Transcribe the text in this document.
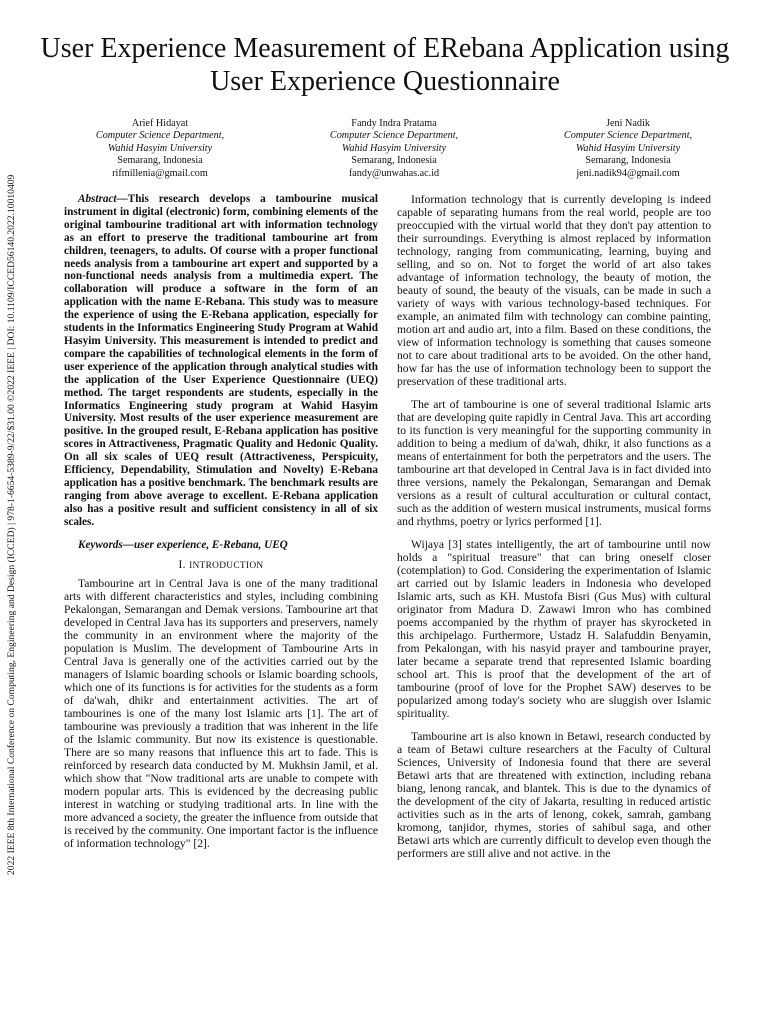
2022 IEEE 8th International Conference on Computing, Engineering and Design (ICCED) | 978-1-6654-5389-9/22/$31.00 ©2022 IEEE | DOI: 10.1109/ICCED56140.2022.10010409
User Experience Measurement of ERebana Application using User Experience Questionnaire
Arief Hidayat
Computer Science Department,
Wahid Hasyim University
Semarang, Indonesia
rifmillenia@gmail.com
Fandy Indra Pratama
Computer Science Department,
Wahid Hasyim University
Semarang, Indonesia
fandy@unwahas.ac.id
Jeni Nadik
Computer Science Department,
Wahid Hasyim University
Semarang, Indonesia
jeni.nadik94@gmail.com

Abstract—This research develops a tambourine musical instrument in digital (electronic) form, combining elements of the original tambourine traditional art with information technology as an effort to preserve the traditional tambourine art from children, teenagers, to adults. Of course with a proper functional needs analysis from a tambourine art expert and supported by a non-functional needs analysis from a multimedia expert. The collaboration will produce a software in the form of an application with the name E-Rebana. This study was to measure the experience of using the E-Rebana application, especially for students in the Informatics Engineering Study Program at Wahid Hasyim University. This measurement is intended to predict and compare the capabilities of technological elements in the form of user experience of the application through analytical studies with the application of the User Experience Questionnaire (UEQ) method. The target respondents are students, especially in the Informatics Engineering study program at Wahid Hasyim University. Most results of the user experience measurement are positive. In the grouped result, E-Rebana application has positive scores in Attractiveness, Pragmatic Quality and Hedonic Quality. On all six scales of UEQ result (Attractiveness, Perspicuity, Efficiency, Dependability, Stimulation and Novelty) E-Rebana application has a positive benchmark. The benchmark results are ranging from above average to excellent. E-Rebana application also has a positive result and sufficient consistency in all of six scales.

Keywords—user experience, E-Rebana, UEQ

I. INTRODUCTION

Tambourine art in Central Java is one of the many traditional arts with different characteristics and styles, including combining Pekalongan, Semarangan and Demak versions. Tambourine art that developed in Central Java has its supporters and preservers, namely the community in an environment where the majority of the population is Muslim. The development of Tambourine Arts in Central Java is generally one of the activities carried out by the managers of Islamic boarding schools or Islamic boarding schools, which one of its functions is for activities for the students as a form of da'wah, dhikr and entertainment activities. The art of tambourines is one of the many lost Islamic arts [1]. The art of tambourine was previously a tradition that was inherent in the life of the Islamic community. But now its existence is questionable. There are so many reasons that influence this art to fade. This is reinforced by research data conducted by M. Mukhsin Jamil, et al. which show that "Now traditional arts are unable to compete with modern popular arts. This is evidenced by the decreasing public interest in watching or studying traditional arts. In line with the more advanced a society, the greater the influence from outside that is received by the community. One important factor is the influence of information technology" [2].

Information technology that is currently developing is indeed capable of separating humans from the real world, people are too preoccupied with the virtual world that they don't pay attention to their surroundings. Everything is almost replaced by information technology, ranging from communicating, learning, buying and selling, and so on. Not to forget the world of art also takes advantage of information technology, the beauty of motion, the beauty of sound, the beauty of the visuals, can be made in such a variety of ways with various technology-based techniques. For example, an animated film with technology can combine painting, motion art and audio art, into a film. Based on these conditions, the view of information technology is something that causes someone not to care about traditional arts to be avoided. On the other hand, how far has the use of information technology been to support the preservation of these traditional arts.

The art of tambourine is one of several traditional Islamic arts that are developing quite rapidly in Central Java. This art according to its function is very meaningful for the supporting community in addition to being a medium of da'wah, dhikr, it also functions as a means of entertainment for both the perpetrators and the users. The tambourine art that developed in Central Java is in fact divided into three versions, namely the Pekalongan, Semarangan and Demak versions as a result of cultural acculturation or cultural contact, such as the addition of western musical instruments, musical forms and rhythms, poetry or lyrics performed [1].

Wijaya [3] states intelligently, the art of tambourine until now holds a "spiritual treasure" that can bring oneself closer (cotemplation) to God. Considering the experimentation of Islamic art carried out by Islamic leaders in Indonesia who developed Islamic arts, such as KH. Mustofa Bisri (Gus Mus) with cultural originator from Madura D. Zawawi Imron who has combined poems accompanied by the rhythm of prayer has skyrocketed in this archipelago. Furthermore, Ustadz H. Salafuddin Benyamin, from Pekalongan, with his nasyid prayer and tambourine prayer, later became a separate trend that represented Islamic boarding school art. This is proof that the development of the art of tambourine (proof of love for the Prophet SAW) deserves to be popularized among today's society who are sluggish over Islamic spirituality.

Tambourine art is also known in Betawi, research conducted by a team of Betawi culture researchers at the Faculty of Cultural Sciences, University of Indonesia found that there are several Betawi arts that are threatened with extinction, including rebana biang, lenong rancak, and blantek. This is due to the dynamics of the development of the city of Jakarta, resulting in reduced artistic activities such as in the arts of lenong, cokek, samrah, gambang kromong, tanjidor, rhymes, stories of sahibul saga, and other Betawi arts which are currently difficult to develop even though the performers are still alive and not active. in the
